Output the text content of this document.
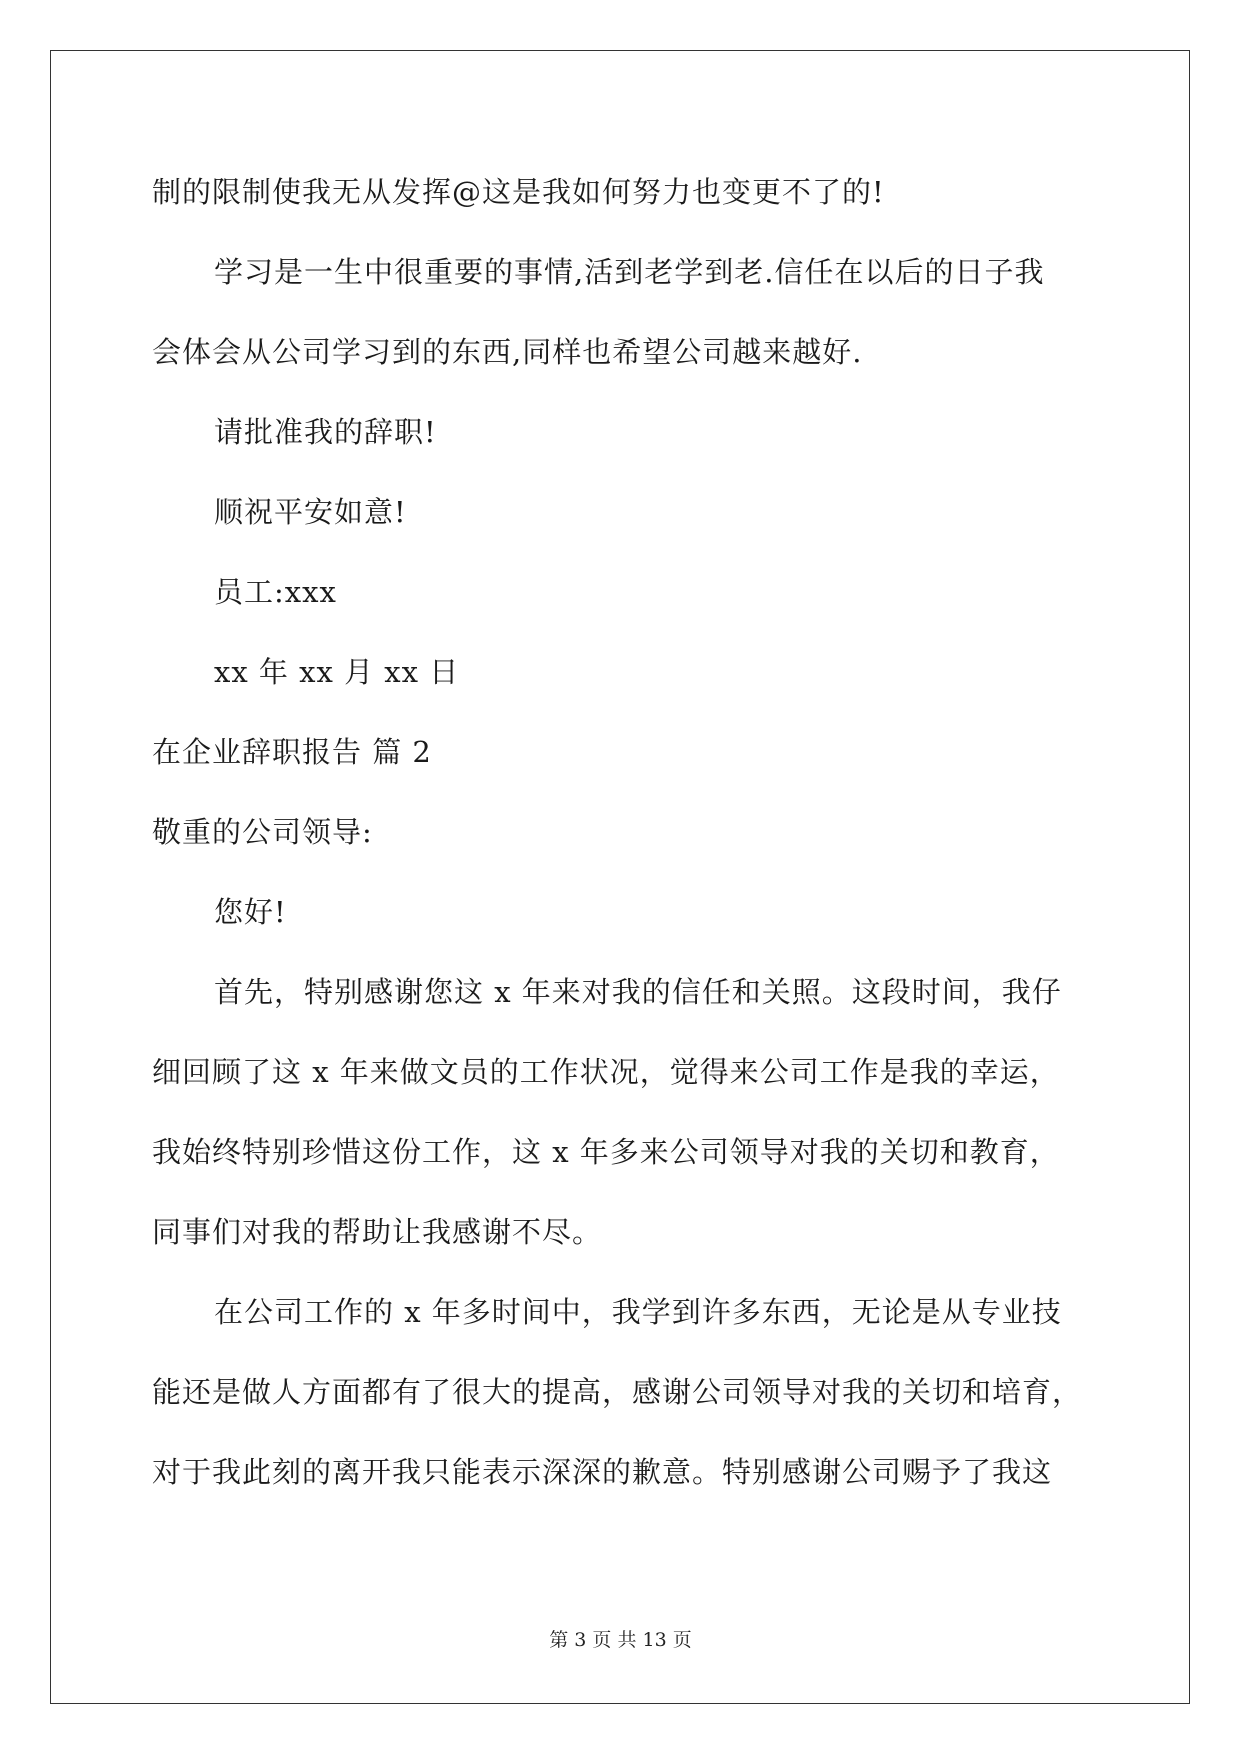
制的限制使我无从发挥@这是我如何努力也变更不了的!
学习是一生中很重要的事情,活到老学到老.信任在以后的日子我
会体会从公司学习到的东西,同样也希望公司越来越好.
请批准我的辞职!
顺祝平安如意!
员工:xxx
xx 年 xx 月 xx 日
在企业辞职报告 篇 2
敬重的公司领导:
您好!
首先，特别感谢您这 x 年来对我的信任和关照。这段时间，我仔
细回顾了这 x 年来做文员的工作状况，觉得来公司工作是我的幸运，
我始终特别珍惜这份工作，这 x 年多来公司领导对我的关切和教育，
同事们对我的帮助让我感谢不尽。
在公司工作的 x 年多时间中，我学到许多东西，无论是从专业技
能还是做人方面都有了很大的提高，感谢公司领导对我的关切和培育，
对于我此刻的离开我只能表示深深的歉意。特别感谢公司赐予了我这
第 3 页 共 13 页
